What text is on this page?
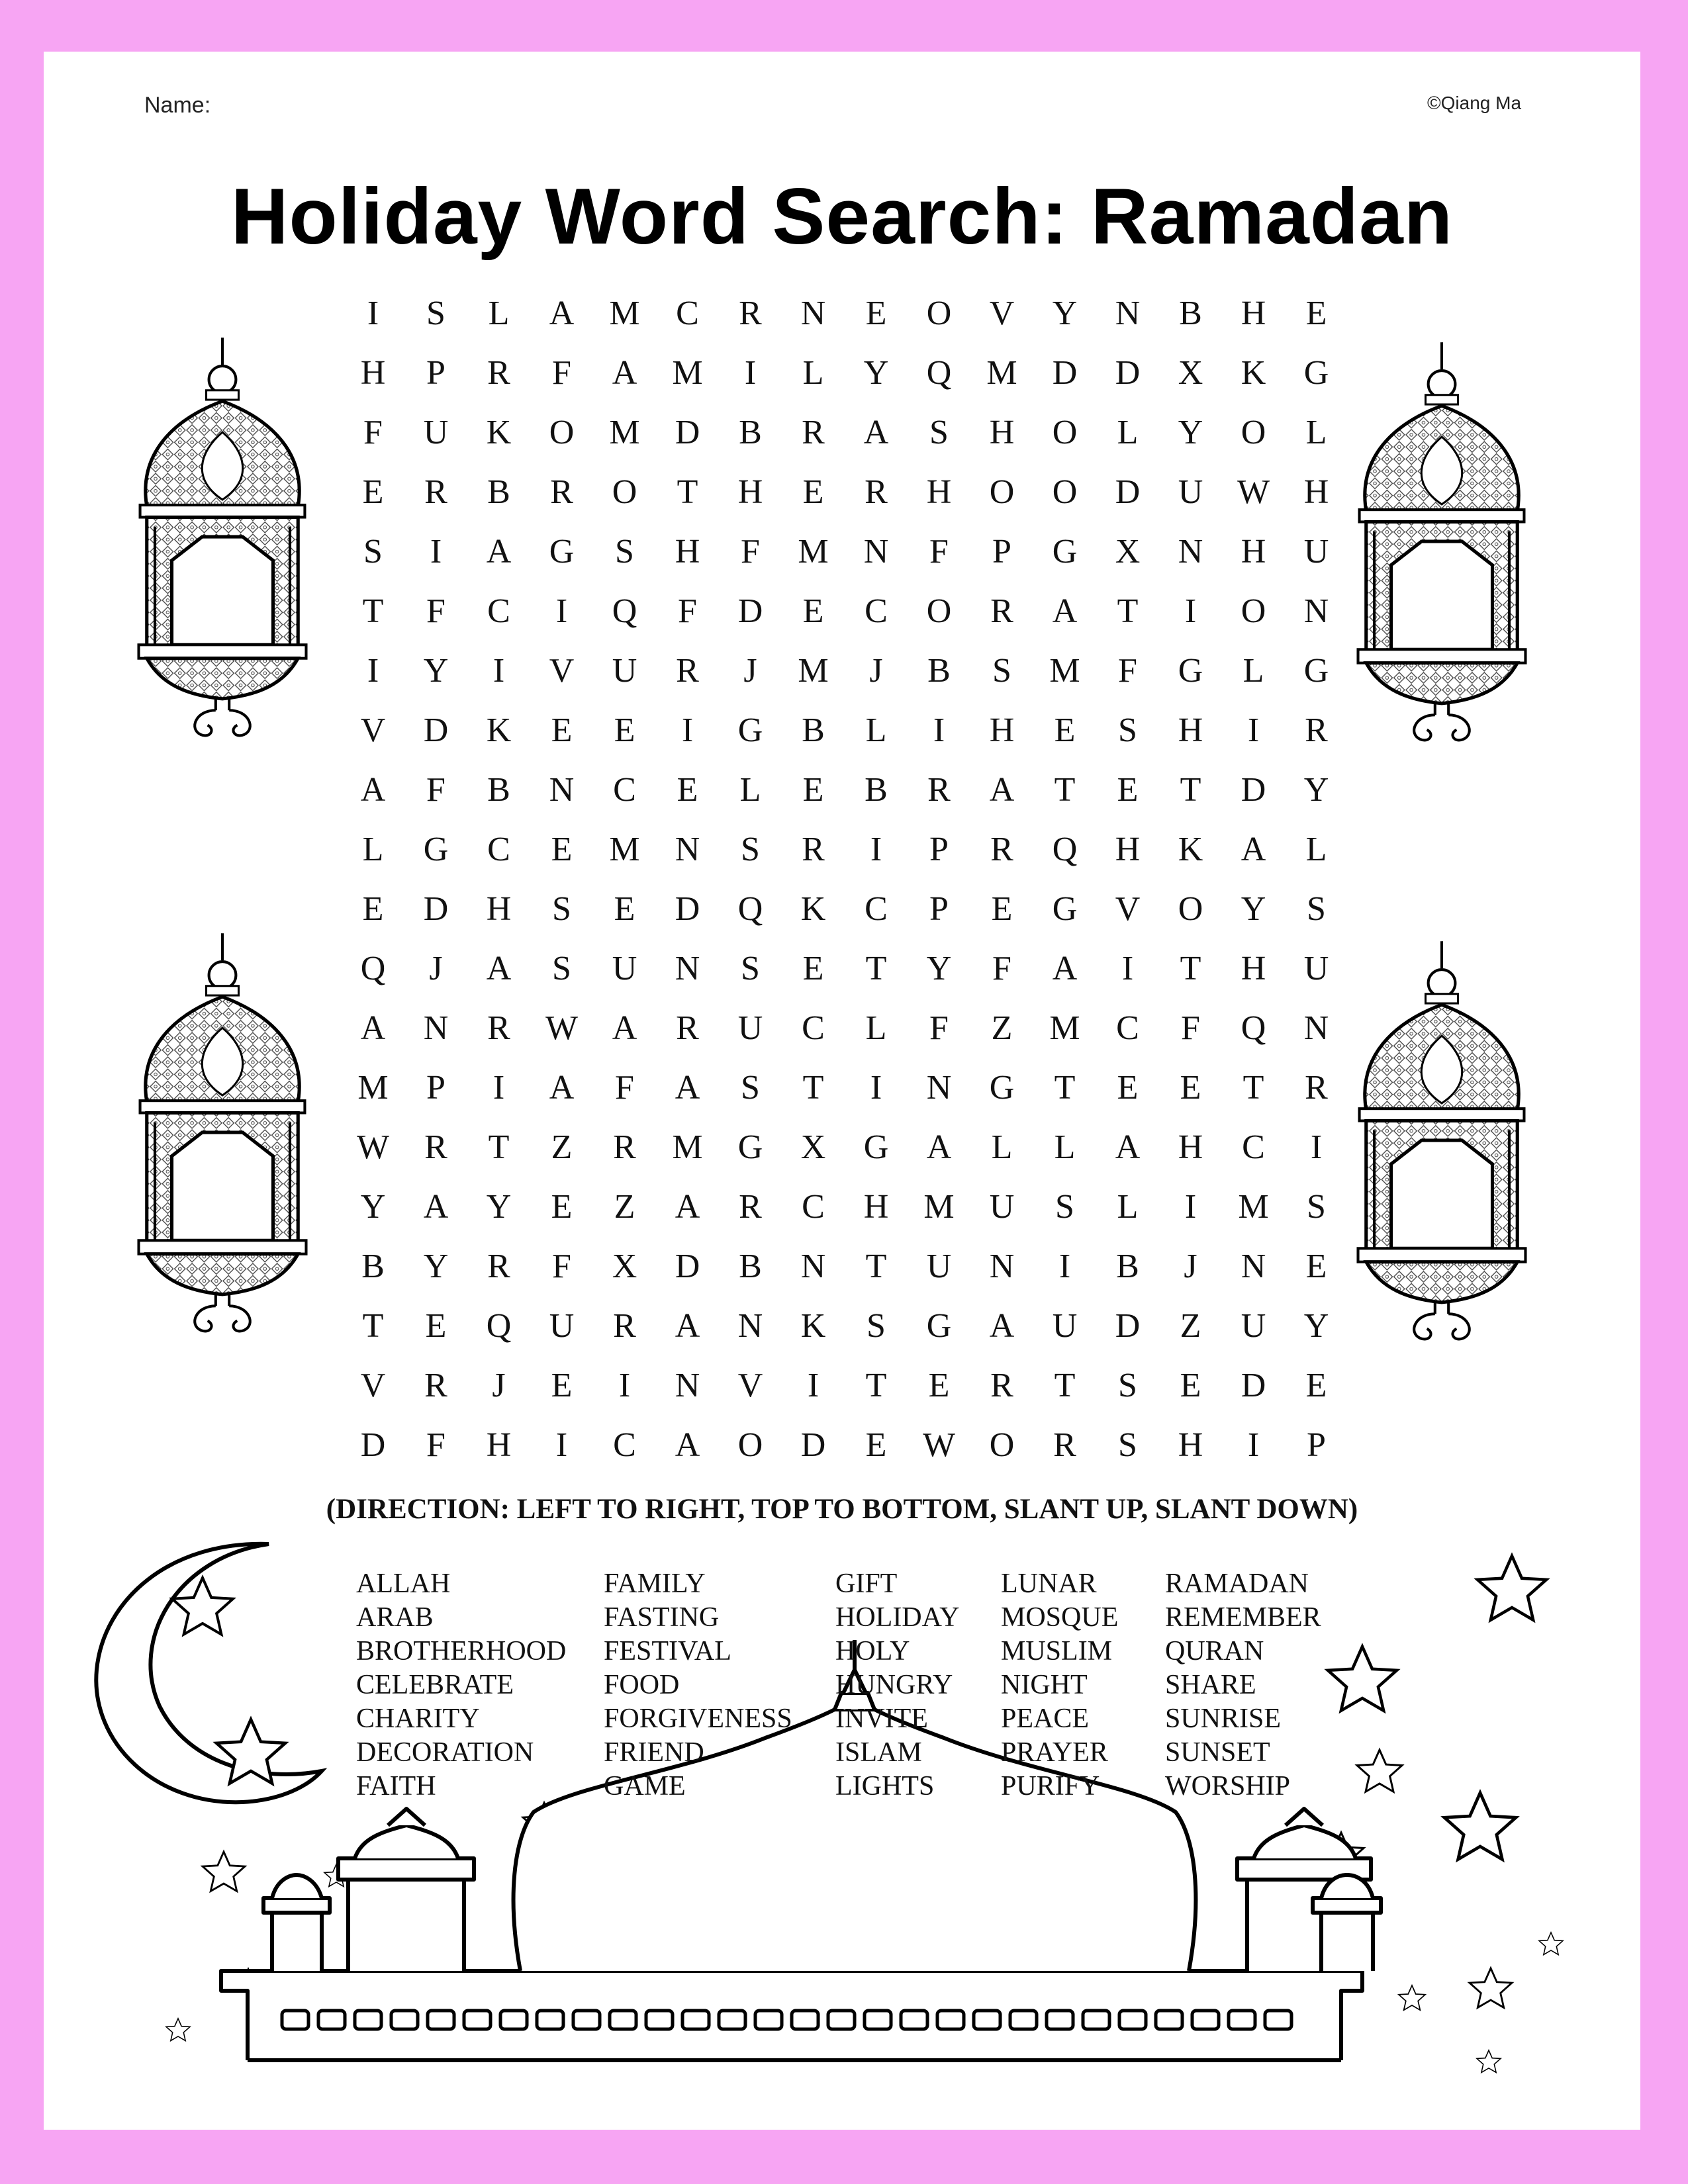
Name:	©Qiang Ma
Holiday Word Search: Ramadan
I	S	L	A	M	C	R	N	E	O	V	Y	N	B	H	E
H	P	R	F	A	M	I	L	Y	Q	M	D	D	X	K	G
F	U	K	O	M	D	B	R	A	S	H	O	L	Y	O	L
E	R	B	R	O	T	H	E	R	H	O	O	D	U W H
S	I	A	G	S	H	F	M	N	F	P	G	X	N	H	U
T	F	C	I	Q	F	D	E	C	O	R	A	T	I	O	N
I	Y	I	V	U	R	J	M	J	B	S	M	F	G	L	G
V	D	K	E	E	I	G	B	L	I	H	E	S	H	I	R
A	F	B	N	C	E	L	E	B	R	A	T	E	T	D	Y
L	G	C	E	M	N	S	R	I	P	R	Q	H	K	A	L
E	D	H	S	E	D	Q	K	C	P	E	G	V	O	Y	S
Q	J	A	S	U	N	S	E	T	Y	F	A	I	T	H	U
A	N	R	W A	R	U	C	L	F	Z	M	C	F	Q	N
M	P	I	A	F	A	S	T	I	N	G	T	E	E	T	R
W	R	T	Z	R	M	G	X	G	A	L	L	A	H	C	I
Y	A	Y	E	Z	A	R	C	H	M	U	S	L	I	M	S
B	Y	R	F	X	D	B	N	T	U	N	I	B	J	N	E
T	E	Q	U	R	A	N	K	S	G	A	U	D	Z	U	Y
V	R	J	E	I	N	V	I	T	E	R	T	S	E	D	E
D	F	H	I	C	A	O	D	E	W O	R	S	H	I	P
(DIRECTION: LEFT TO RIGHT, TOP TO BOTTOM, SLANT UP, SLANT DOWN)
ALLAH
ARAB
BROTHERHOOD
CELEBRATE
CHARITY
DECORATION
FAITH
FAMILY
FASTING
FESTIVAL
FOOD
FORGIVENESS
FRIEND
GAME
GIFT
HOLIDAY
HOLY
HUNGRY
INVITE
ISLAM
LIGHTS
LUNAR
MOSQUE
MUSLIM
NIGHT
PEACE
PRAYER
PURIFY
RAMADAN
REMEMBER
QURAN
SHARE
SUNRISE
SUNSET
WORSHIP
